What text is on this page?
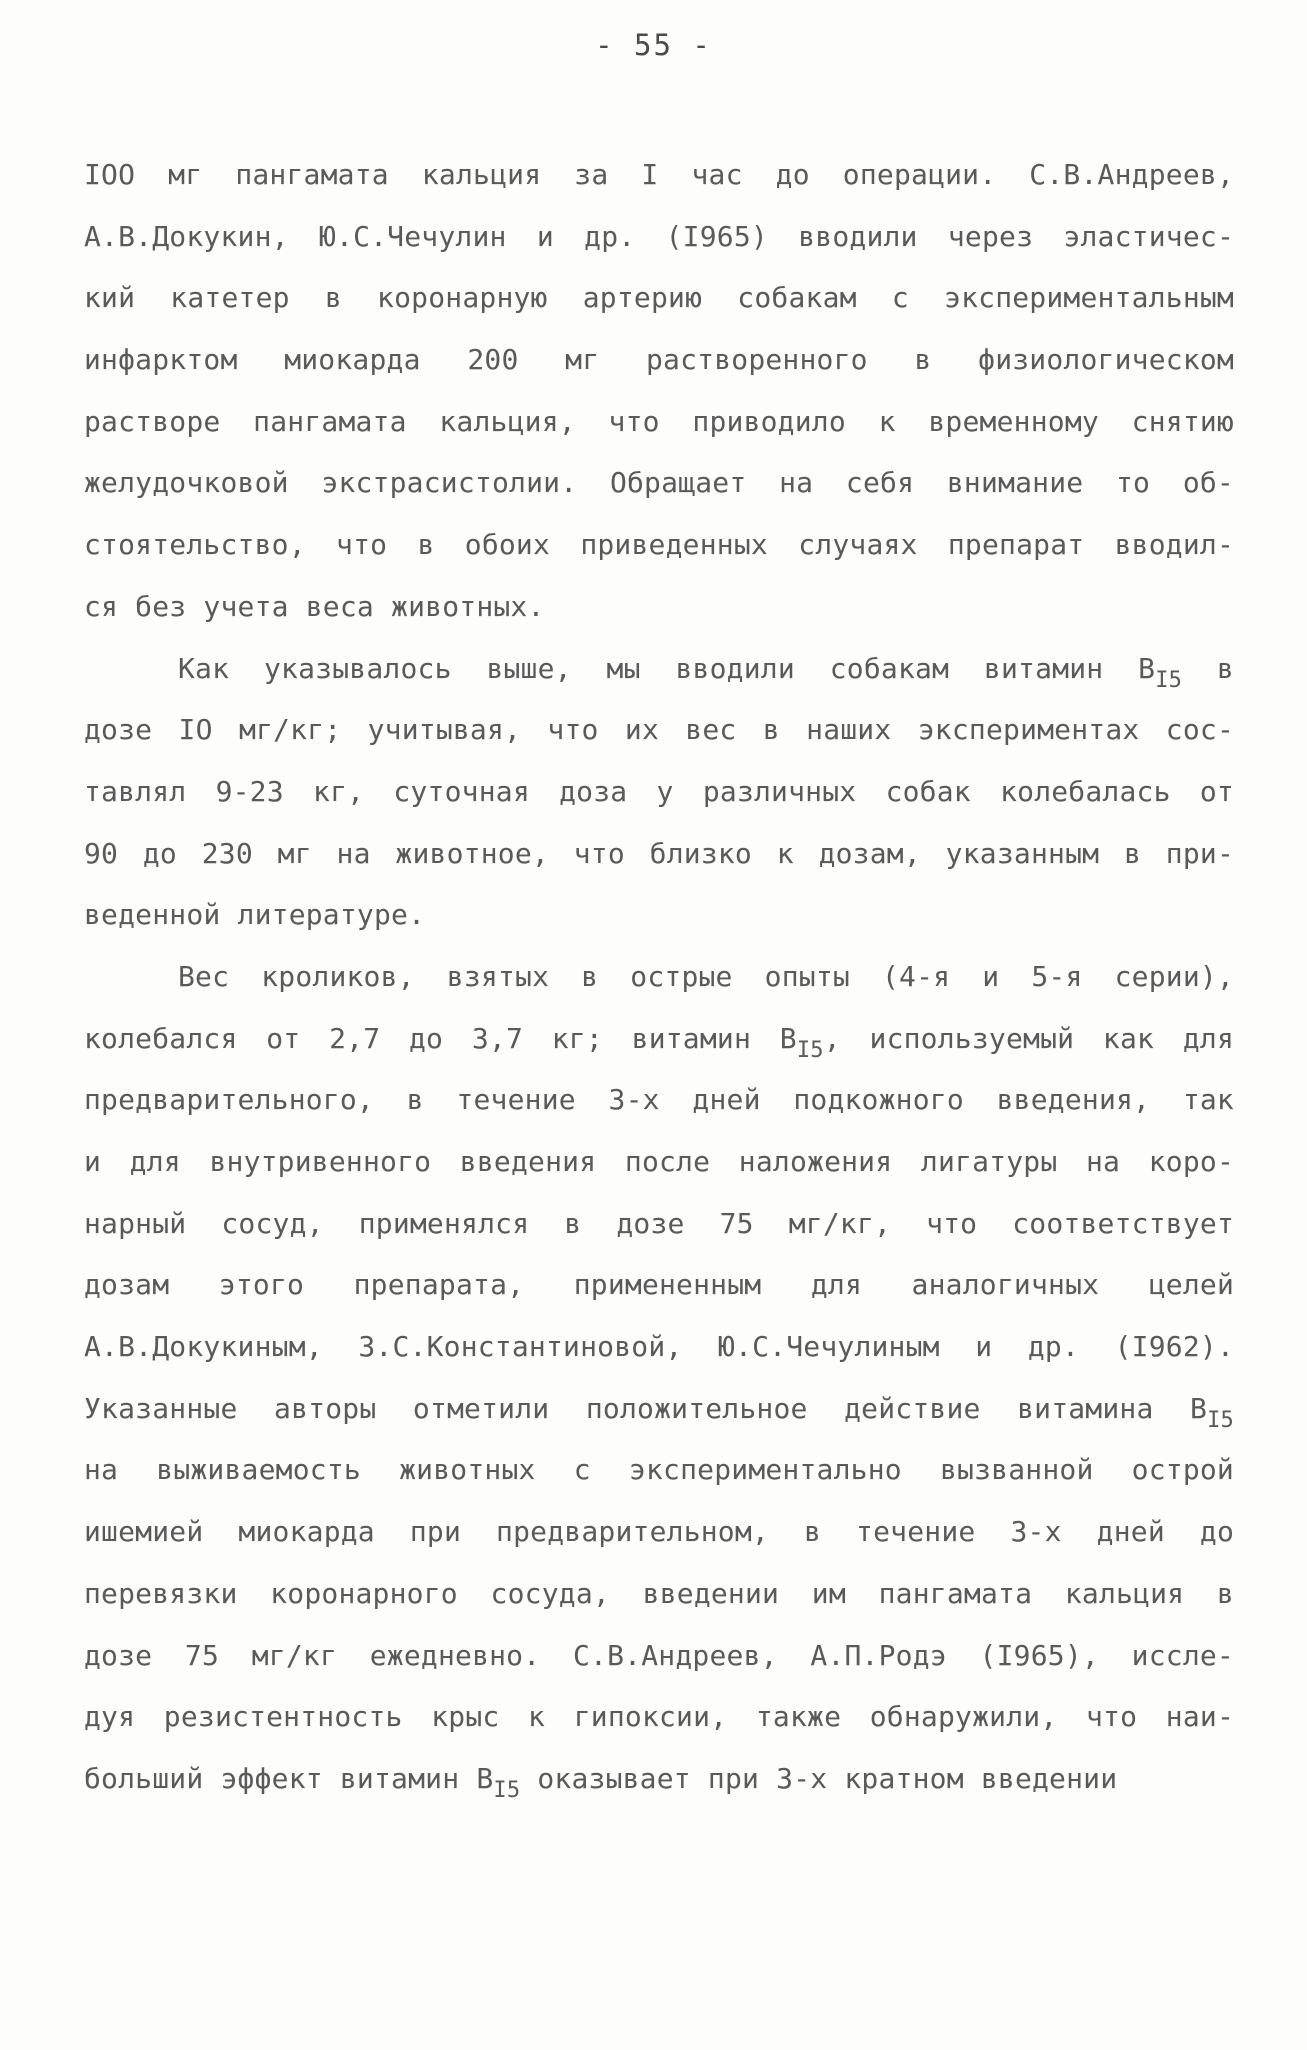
- 55 -
IOO мг пангамата кальция за I час до операции. С.В.Андреев,
А.В.Докукин, Ю.С.Чечулин и др. (I965) вводили через эластичес-
кий катетер в коронарную артерию собакам с экспериментальным
инфарктом миокарда 200 мг растворенного в физиологическом
растворе пангамата кальция, что приводило к временному снятию
желудочковой экстрасистолии. Обращает на себя внимание то об-
стоятельство, что в обоих приведенных случаях препарат вводил-
ся без учета веса животных.
Как указывалось выше, мы вводили собакам витамин $В_{I5}$ в
дозе IO мг/кг; учитывая, что их вес в наших экспериментах сос-
тавлял 9-23 кг, суточная доза у различных собак колебалась от
90 до 230 мг на животное, что близко к дозам, указанным в при-
веденной литературе.
Вес кроликов, взятых в острые опыты (4-я и 5-я серии),
колебался от 2,7 до 3,7 кг; витамин $В_{I5}$, используемый как для
предварительного, в течение 3-х дней подкожного введения, так
и для внутривенного введения после наложения лигатуры на коро-
нарный сосуд, применялся в дозе 75 мг/кг, что соответствует
дозам этого препарата, примененным для аналогичных целей
А.В.Докукиным, З.С.Константиновой, Ю.С.Чечулиным и др. (I962).
Указанные авторы отметили положительное действие витамина $В_{I5}$
на выживаемость животных с экспериментально вызванной острой
ишемией миокарда при предварительном, в течение 3-х дней до
перевязки коронарного сосуда, введении им пангамата кальция в
дозе 75 мг/кг ежедневно. С.В.Андреев, А.П.Родэ (I965), иссле-
дуя резистентность крыс к гипоксии, также обнаружили, что наи-
больший эффект витамин $В_{I5}$ оказывает при 3-х кратном введении
